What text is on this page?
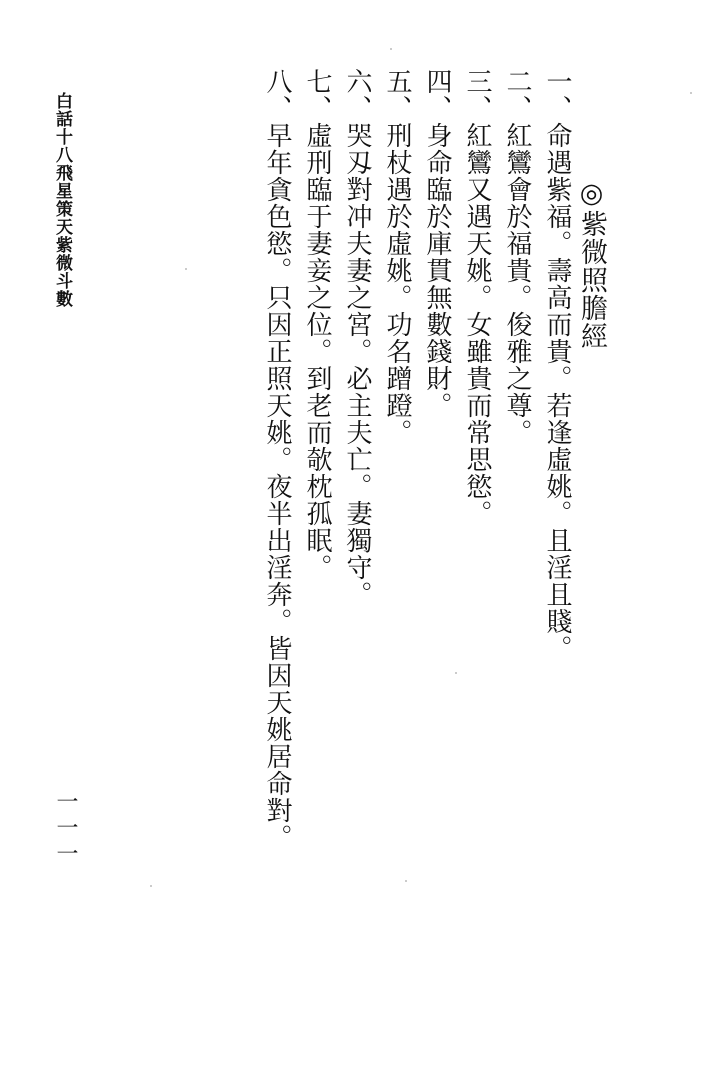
白話十八飛星策天紫微斗數	◎紫微照膽經

一、命遇紫福。壽高而貴。若逢虛姚。且淫且賤。

二、紅鸞會於福貴。俊雅之尊。

三、紅鸞又遇天姚。女雖貴而常思慾。

四、身命臨於庫貫無數錢財。

五、刑杖遇於虛姚。功名蹭蹬。

六、哭刄對冲夫妻之宮。必主夫亡。妻獨守。

七、虛刑臨于妻妾之位。到老而欹枕孤眠。

八、早年貪色慾。只因正照天姚。夜半出淫奔。皆因天姚居命對。

一一一
